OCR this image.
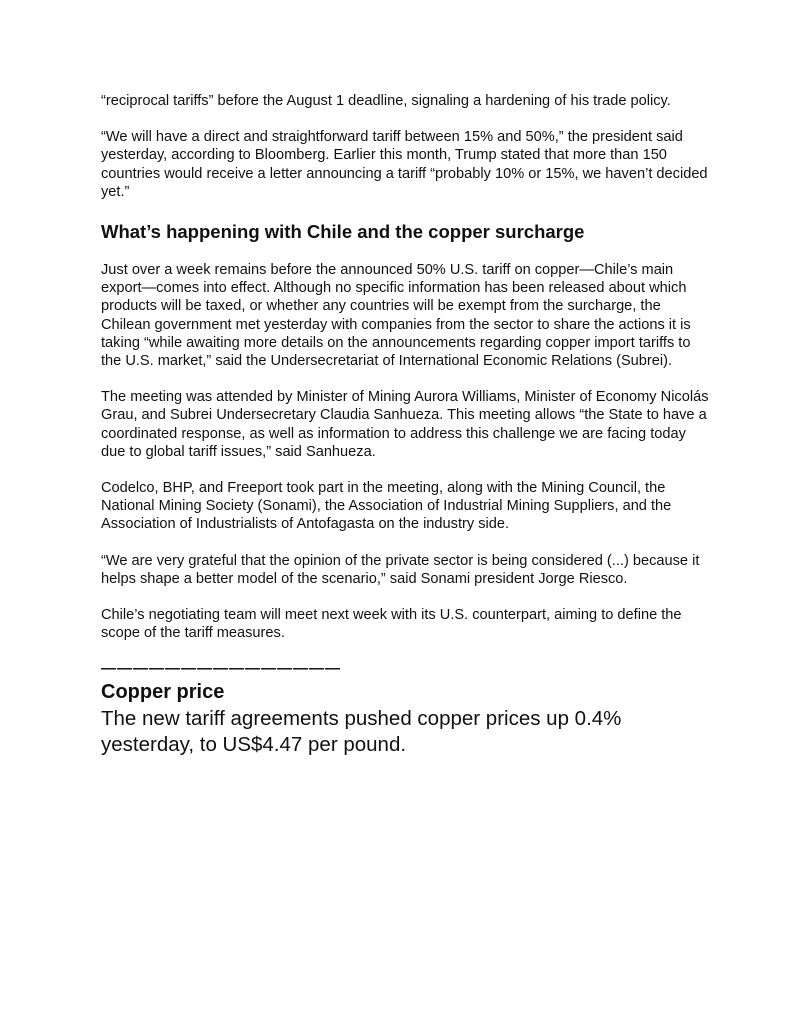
“reciprocal tariffs” before the August 1 deadline, signaling a hardening of his trade policy.

“We will have a direct and straightforward tariff between 15% and 50%,” the president said yesterday, according to Bloomberg. Earlier this month, Trump stated that more than 150 countries would receive a letter announcing a tariff “probably 10% or 15%, we haven’t decided yet.”

What’s happening with Chile and the copper surcharge

Just over a week remains before the announced 50% U.S. tariff on copper—Chile’s main export—comes into effect. Although no specific information has been released about which products will be taxed, or whether any countries will be exempt from the surcharge, the Chilean government met yesterday with companies from the sector to share the actions it is taking “while awaiting more details on the announcements regarding copper import tariffs to the U.S. market,” said the Undersecretariat of International Economic Relations (Subrei).

The meeting was attended by Minister of Mining Aurora Williams, Minister of Economy Nicolás Grau, and Subrei Undersecretary Claudia Sanhueza. This meeting allows “the State to have a coordinated response, as well as information to address this challenge we are facing today due to global tariff issues,” said Sanhueza.

Codelco, BHP, and Freeport took part in the meeting, along with the Mining Council, the National Mining Society (Sonami), the Association of Industrial Mining Suppliers, and the Association of Industrialists of Antofagasta on the industry side.

“We are very grateful that the opinion of the private sector is being considered (...) because it helps shape a better model of the scenario,” said Sonami president Jorge Riesco.

Chile’s negotiating team will meet next week with its U.S. counterpart, aiming to define the scope of the tariff measures.

———————————————
Copper price
The new tariff agreements pushed copper prices up 0.4% yesterday, to US$4.47 per pound.
